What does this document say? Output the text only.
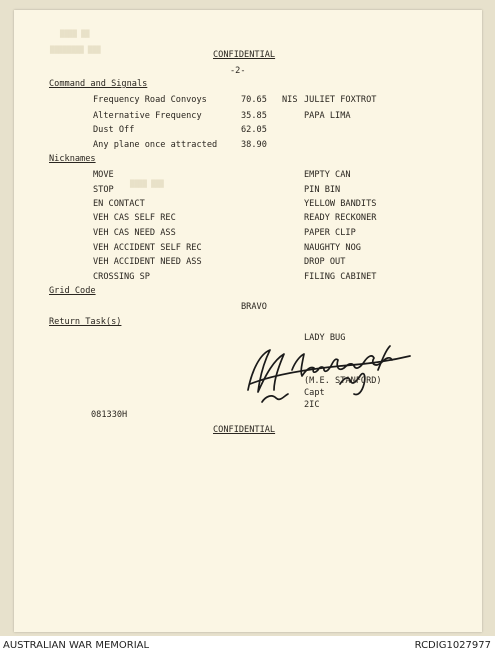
████ ██
████████ ███
████ ███
CONFIDENTIAL
-2-
Command and Signals
Frequency Road Convoys	70.65 NIS JULIET FOXTROT
Alternative Frequency	35.85	PAPA LIMA
Dust Off	62.05
Any plane once attracted	38.90
Nicknames
MOVE	EMPTY CAN
STOP	PIN BIN
EN CONTACT	YELLOW BANDITS
VEH CAS SELF REC	READY RECKONER
VEH CAS NEED ASS	PAPER CLIP
VEH ACCIDENT SELF REC	NAUGHTY NOG
VEH ACCIDENT NEED ASS	DROP OUT
CROSSING SP	FILING CABINET
Grid Code
BRAVO
Return Task(s)
LADY BUG
(M.E. STANFORD)
Capt
2IC
081330H
CONFIDENTIAL
AUSTRALIAN WAR MEMORIAL	RCDIG1027977
